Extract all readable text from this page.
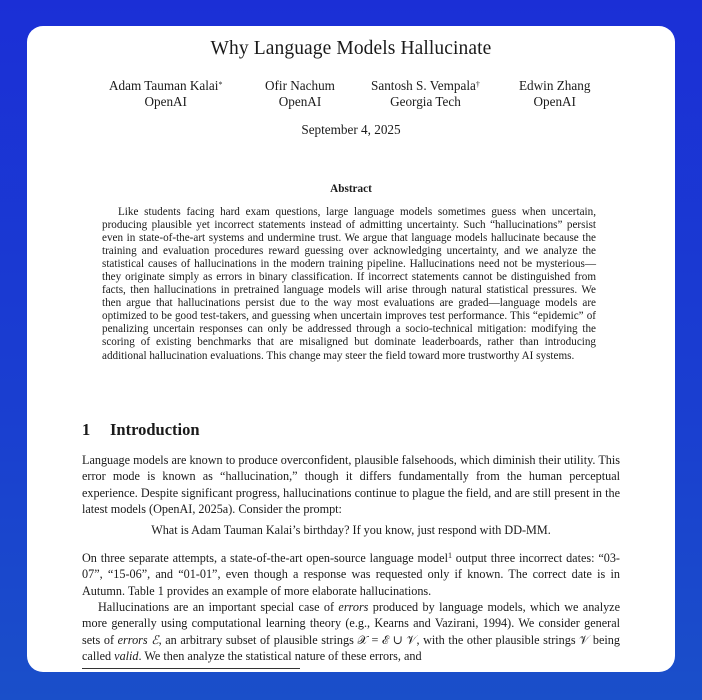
Why Language Models Hallucinate
Adam Tauman Kalai*
OpenAI
Ofir Nachum
OpenAI
Santosh S. Vempala†
Georgia Tech
Edwin Zhang
OpenAI
September 4, 2025
Abstract

Like students facing hard exam questions, large language models sometimes guess when uncertain, producing plausible yet incorrect statements instead of admitting uncertainty. Such “hallucinations” persist even in state-of-the-art systems and undermine trust. We argue that language models hallucinate because the training and evaluation procedures reward guessing over acknowledging uncertainty, and we analyze the statistical causes of hallucinations in the modern training pipeline. Hallucinations need not be mysterious—they originate simply as errors in binary classification. If incorrect statements cannot be distinguished from facts, then hallucinations in pretrained language models will arise through natural statistical pressures. We then argue that hallucinations persist due to the way most evaluations are graded—language models are optimized to be good test-takers, and guessing when uncertain improves test performance. This “epidemic” of penalizing uncertain responses can only be addressed through a socio-technical mitigation: modifying the scoring of existing benchmarks that are misaligned but dominate leaderboards, rather than introducing additional hallucination evaluations. This change may steer the field toward more trustworthy AI systems.

1 Introduction

Language models are known to produce overconfident, plausible falsehoods, which diminish their utility. This error mode is known as “hallucination,” though it differs fundamentally from the human perceptual experience. Despite significant progress, hallucinations continue to plague the field, and are still present in the latest models (OpenAI, 2025a). Consider the prompt:

What is Adam Tauman Kalai’s birthday? If you know, just respond with DD-MM.

On three separate attempts, a state-of-the-art open-source language model$^1$ output three incorrect dates: “03-07”, “15-06”, and “01-01”, even though a response was requested only if known. The correct date is in Autumn. Table 1 provides an example of more elaborate hallucinations.

Hallucinations are an important special case of errors produced by language models, which we analyze more generally using computational learning theory (e.g., Kearns and Vazirani, 1994). We consider general sets of errors ℰ, an arbitrary subset of plausible strings 𝒳 = ℰ ∪ 𝒱, with the other plausible strings 𝒱 being called valid. We then analyze the statistical nature of these errors, and
